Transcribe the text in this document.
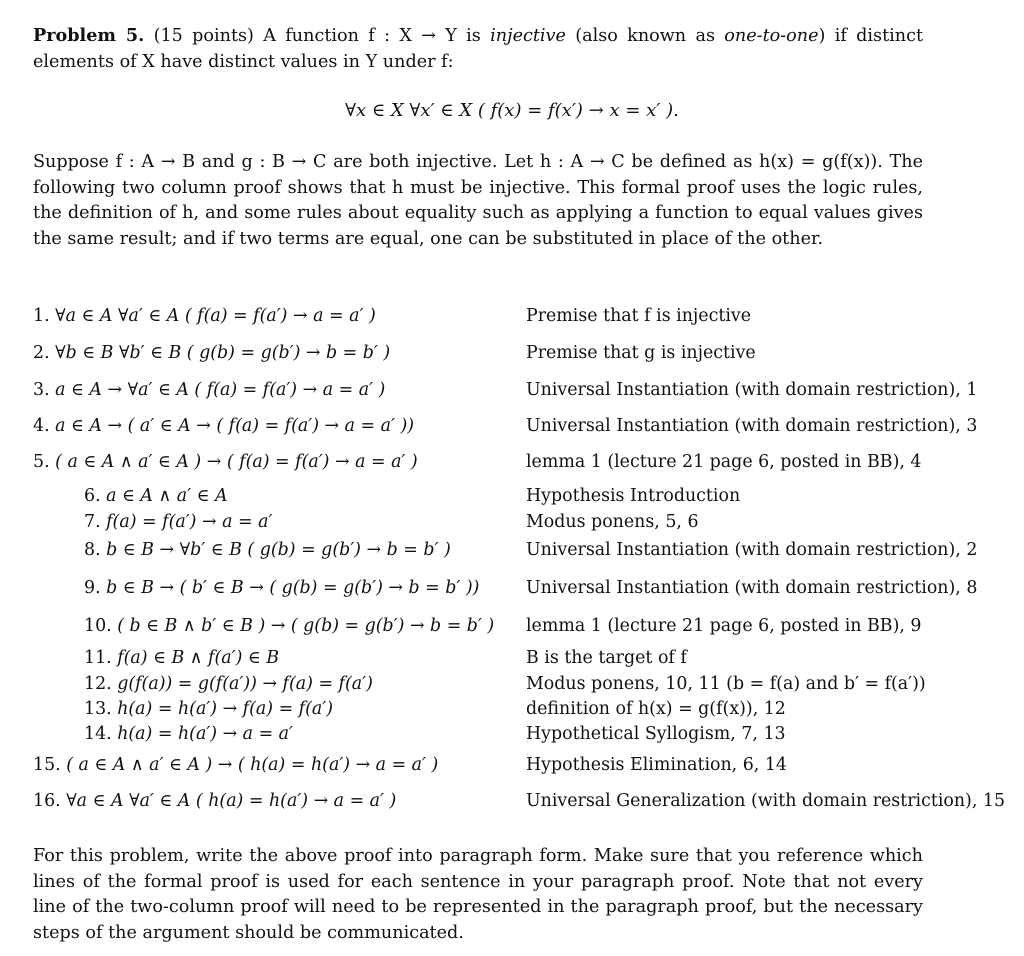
Problem 5. (15 points) A function f : X → Y is injective (also known as one-to-one) if distinct elements of X have distinct values in Y under f:
∀x ∈ X ∀x′ ∈ X ( f(x) = f(x′) → x = x′ ).
Suppose f : A → B and g : B → C are both injective. Let h : A → C be defined as h(x) = g(f(x)). The following two column proof shows that h must be injective. This formal proof uses the logic rules, the definition of h, and some rules about equality such as applying a function to equal values gives the same result; and if two terms are equal, one can be substituted in place of the other.
1. ∀a ∈ A ∀a′ ∈ A ( f(a) = f(a′) → a = a′ )	Premise that f is injective
2. ∀b ∈ B ∀b′ ∈ B ( g(b) = g(b′) → b = b′ )	Premise that g is injective
3. a ∈ A → ∀a′ ∈ A ( f(a) = f(a′) → a = a′ )	Universal Instantiation (with domain restriction), 1
4. a ∈ A → ( a′ ∈ A → ( f(a) = f(a′) → a = a′ ))	Universal Instantiation (with domain restriction), 3
5. ( a ∈ A ∧ a′ ∈ A ) → ( f(a) = f(a′) → a = a′ )	lemma 1 (lecture 21 page 6, posted in BB), 4
6. a ∈ A ∧ a′ ∈ A	Hypothesis Introduction
7. f(a) = f(a′) → a = a′	Modus ponens, 5, 6
8. b ∈ B → ∀b′ ∈ B ( g(b) = g(b′) → b = b′ )	Universal Instantiation (with domain restriction), 2
9. b ∈ B → ( b′ ∈ B → ( g(b) = g(b′) → b = b′ ))	Universal Instantiation (with domain restriction), 8
10. ( b ∈ B ∧ b′ ∈ B ) → ( g(b) = g(b′) → b = b′ ) lemma 1 (lecture 21 page 6, posted in BB), 9
11. f(a) ∈ B ∧ f(a′) ∈ B	B is the target of f
12. g(f(a)) = g(f(a′)) → f(a) = f(a′)	Modus ponens, 10, 11 (b = f(a) and b′ = f(a′))
13. h(a) = h(a′) → f(a) = f(a′)	definition of h(x) = g(f(x)), 12
14. h(a) = h(a′) → a = a′	Hypothetical Syllogism, 7, 13
15. ( a ∈ A ∧ a′ ∈ A ) → ( h(a) = h(a′) → a = a′ )	Hypothesis Elimination, 6, 14
16. ∀a ∈ A ∀a′ ∈ A ( h(a) = h(a′) → a = a′ )	Universal Generalization (with domain restriction), 15
For this problem, write the above proof into paragraph form. Make sure that you reference which lines of the formal proof is used for each sentence in your paragraph proof. Note that not every line of the two-column proof will need to be represented in the paragraph proof, but the necessary steps of the argument should be communicated.
